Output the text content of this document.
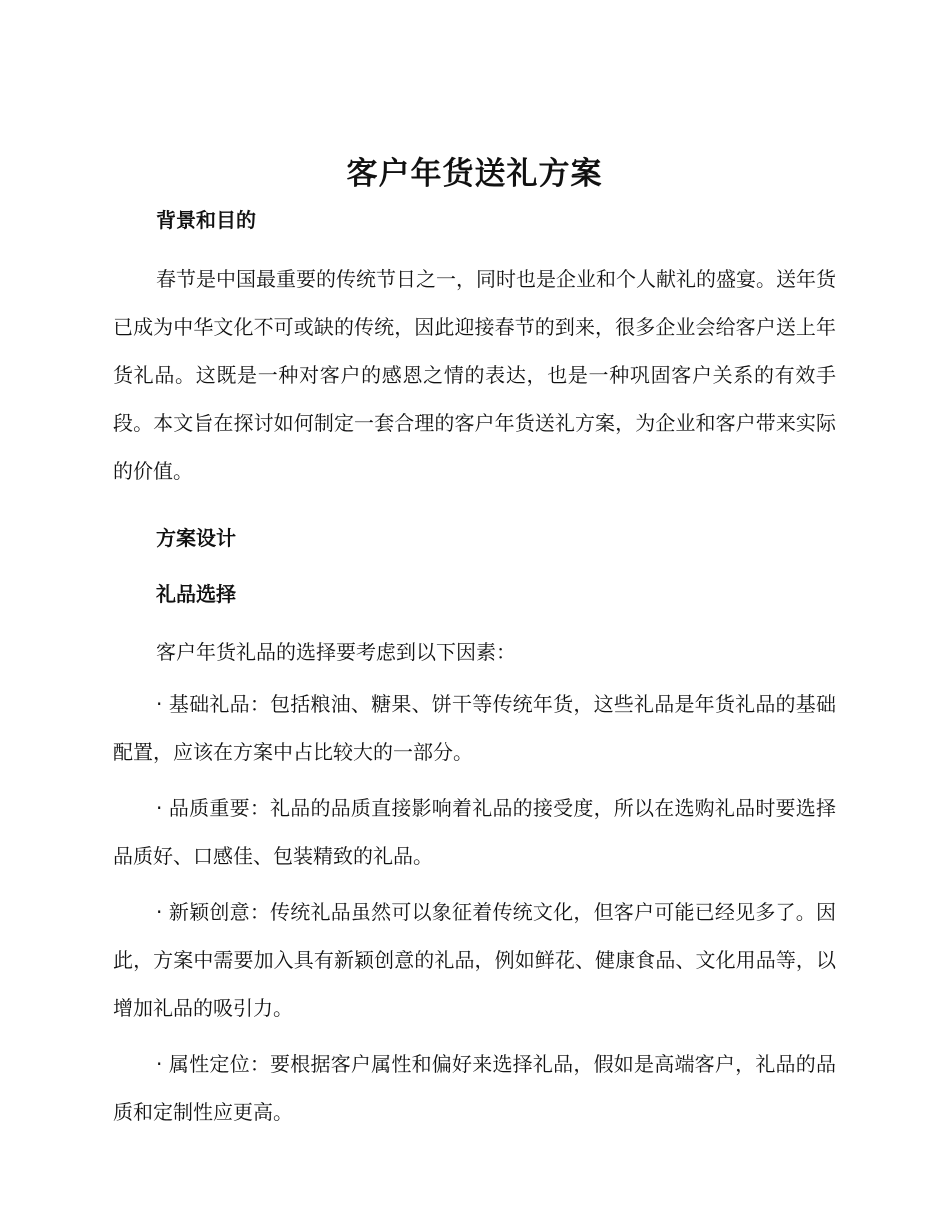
客户年货送礼方案

背景和目的

春节是中国最重要的传统节日之一，同时也是企业和个人献礼的盛宴。送年货已成为中华文化不可或缺的传统，因此迎接春节的到来，很多企业会给客户送上年货礼品。这既是一种对客户的感恩之情的表达，也是一种巩固客户关系的有效手段。本文旨在探讨如何制定一套合理的客户年货送礼方案，为企业和客户带来实际的价值。

方案设计

礼品选择

客户年货礼品的选择要考虑到以下因素：

· 基础礼品：包括粮油、糖果、饼干等传统年货，这些礼品是年货礼品的基础配置，应该在方案中占比较大的一部分。

· 品质重要：礼品的品质直接影响着礼品的接受度，所以在选购礼品时要选择品质好、口感佳、包装精致的礼品。

· 新颖创意：传统礼品虽然可以象征着传统文化，但客户可能已经见多了。因此，方案中需要加入具有新颖创意的礼品，例如鲜花、健康食品、文化用品等，以增加礼品的吸引力。

· 属性定位：要根据客户属性和偏好来选择礼品，假如是高端客户，礼品的品质和定制性应更高。
